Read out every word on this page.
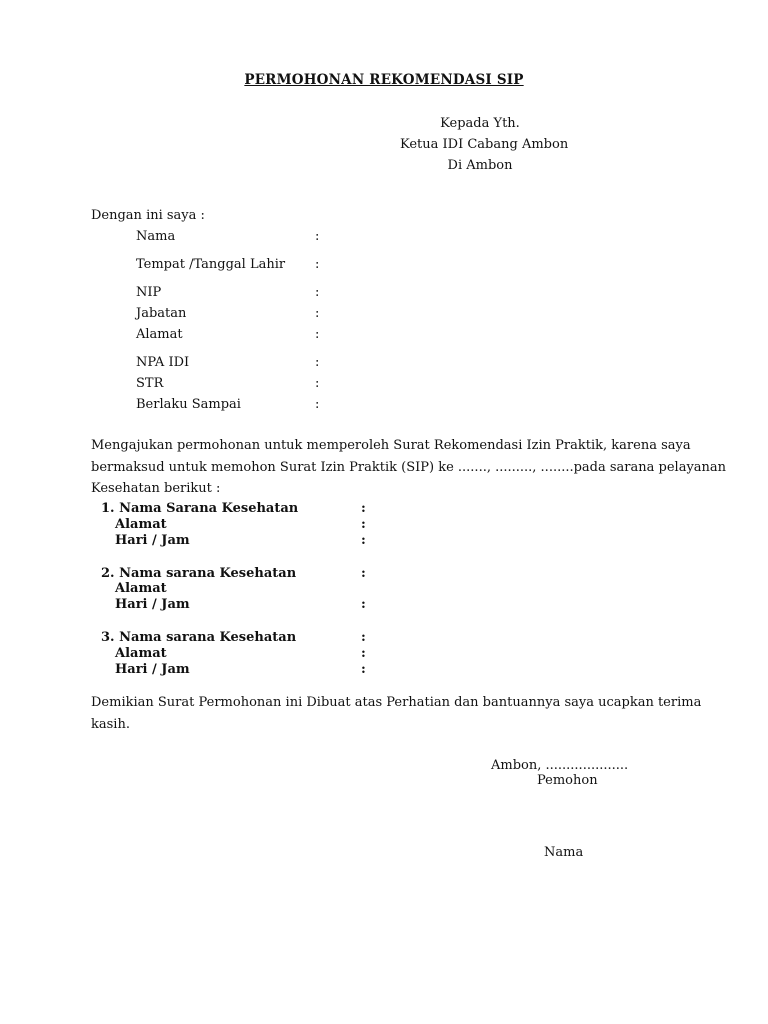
PERMOHONAN REKOMENDASI SIP
Kepada Yth.
Ketua IDI Cabang Ambon
Di Ambon
Dengan ini saya :
Nama	:
Tempat /Tanggal Lahir :
NIP	:
Jabatan	:
Alamat	:
NPA IDI	:
STR	:
Berlaku Sampai	:
Mengajukan permohonan untuk memperoleh Surat Rekomendasi Izin Praktik, karena saya
bermaksud untuk memohon Surat Izin Praktik (SIP) ke ......., ........., ........pada sarana pelayanan
Kesehatan berikut :
1. Nama Sarana Kesehatan	:
Alamat	:
Hari / Jam	:
2. Nama sarana Kesehatan	:
Alamat
Hari / Jam	:
3. Nama sarana Kesehatan	:
Alamat	:
Hari / Jam	:
Demikian Surat Permohonan ini Dibuat atas Perhatian dan bantuannya saya ucapkan terima
kasih.
Ambon, ....................
Pemohon
Nama
